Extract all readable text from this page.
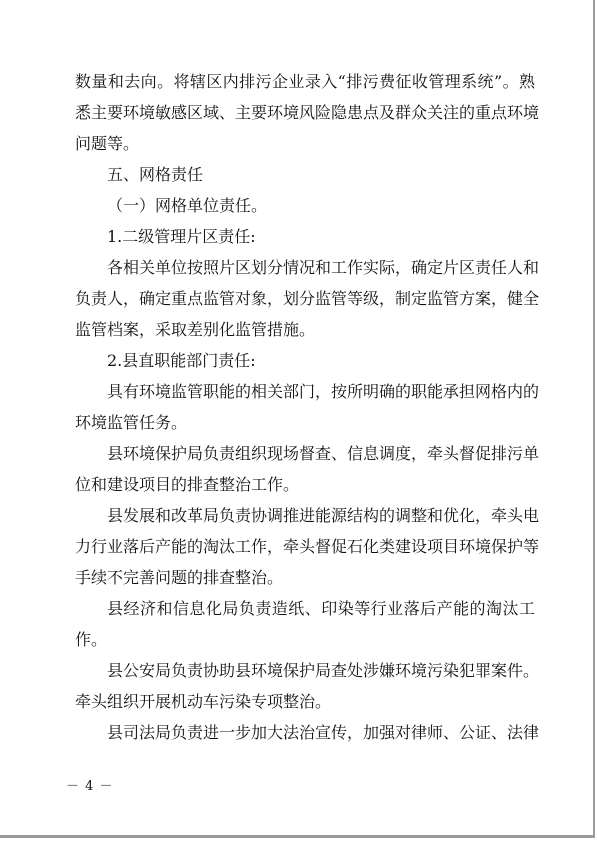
数量和去向。将辖区内排污企业录入“排污费征收管理系统”。熟
悉主要环境敏感区域、主要环境风险隐患点及群众关注的重点环境
问题等。
五、网格责任
（一）网格单位责任。
1.二级管理片区责任:
各相关单位按照片区划分情况和工作实际，确定片区责任人和
负责人，确定重点监管对象，划分监管等级，制定监管方案，健全
监管档案，采取差别化监管措施。
2.县直职能部门责任:
具有环境监管职能的相关部门，按所明确的职能承担网格内的
环境监管任务。
县环境保护局负责组织现场督查、信息调度，牵头督促排污单
位和建设项目的排查整治工作。
县发展和改革局负责协调推进能源结构的调整和优化，牵头电
力行业落后产能的淘汰工作，牵头督促石化类建设项目环境保护等
手续不完善问题的排查整治。
县经济和信息化局负责造纸、印染等行业落后产能的淘汰工
作。
县公安局负责协助县环境保护局查处涉嫌环境污染犯罪案件。
牵头组织开展机动车污染专项整治。
县司法局负责进一步加大法治宣传，加强对律师、公证、法律
－ 4 －
